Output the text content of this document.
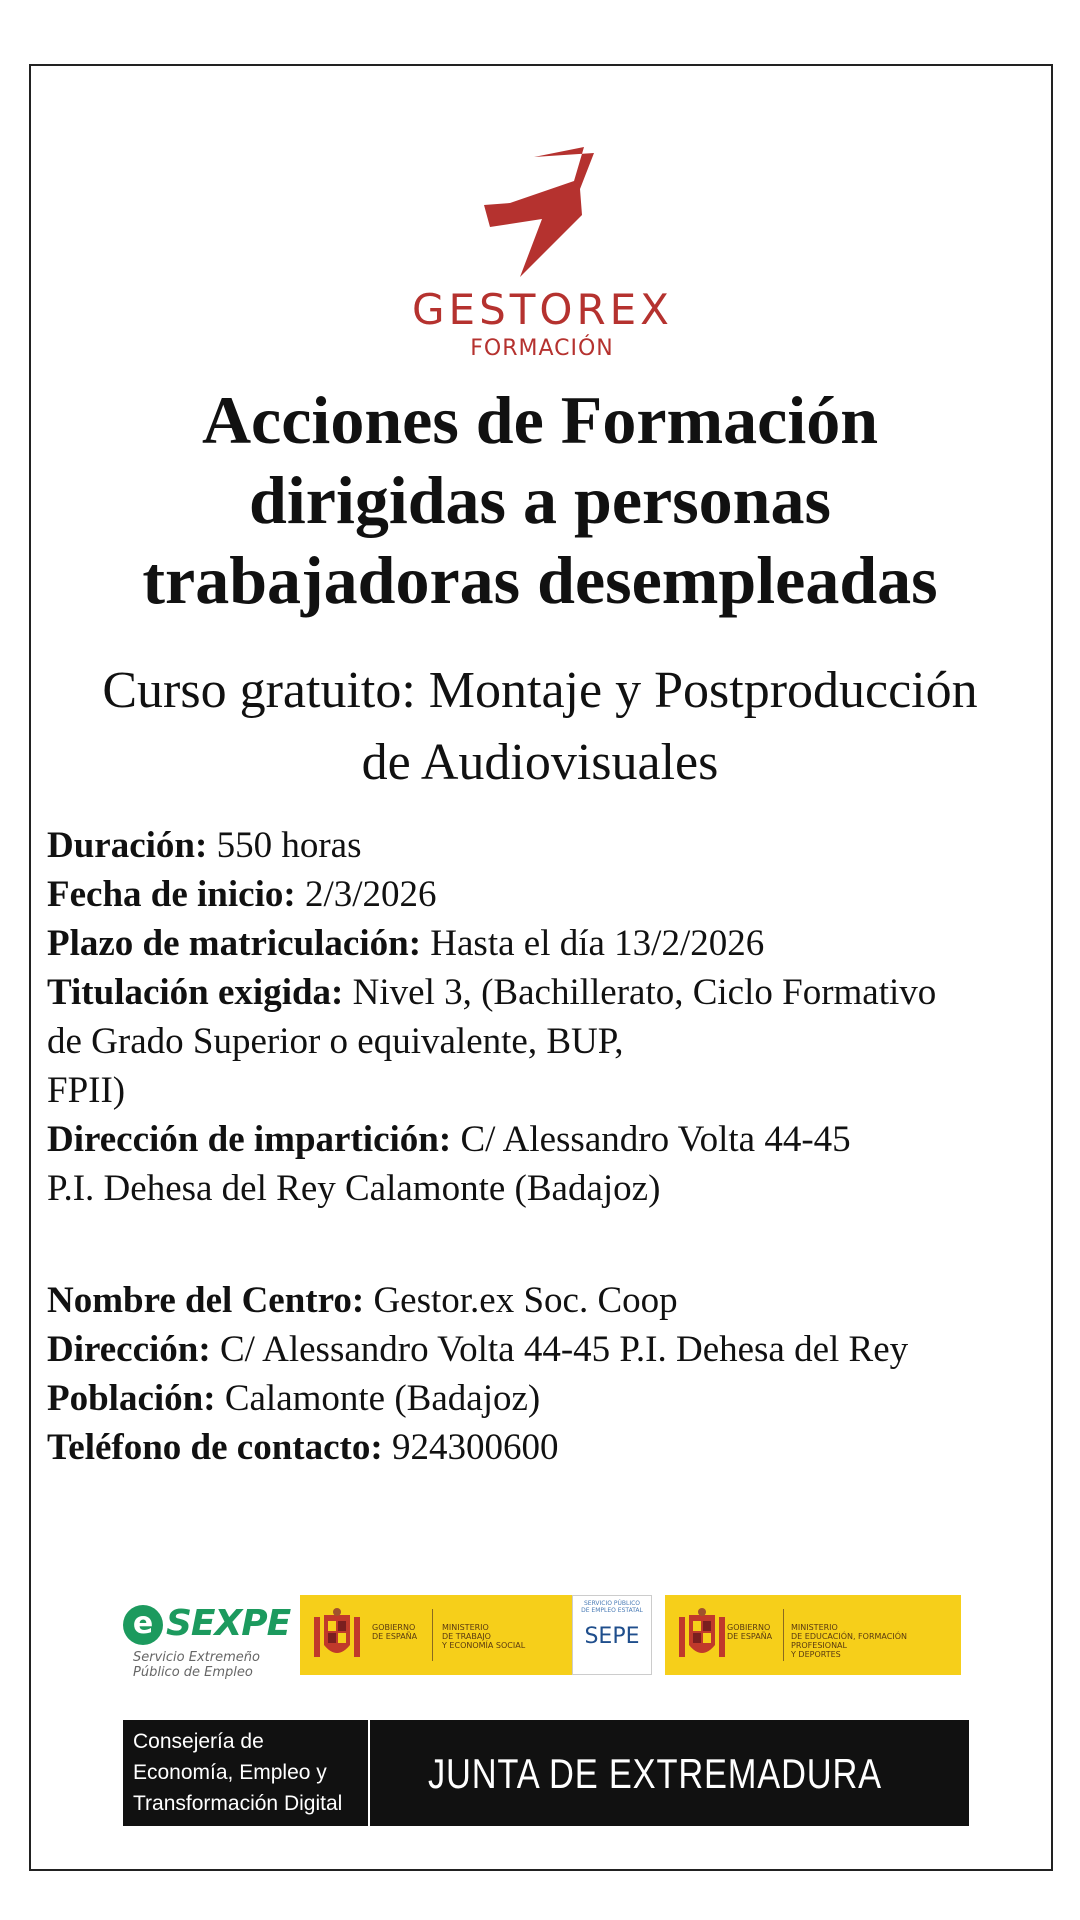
GESTOREX
FORMACIÓN
Acciones de Formación
dirigidas a personas
trabajadoras desempleadas
Curso gratuito: Montaje y Postproducción
de Audiovisuales
Duración: 550 horas
Fecha de inicio: 2/3/2026
Plazo de matriculación: Hasta el día 13/2/2026
Titulación exigida: Nivel 3, (Bachillerato, Ciclo Formativo
de Grado Superior o equivalente, BUP,
FPII)
Dirección de impartición: C/ Alessandro Volta 44-45
P.I. Dehesa del Rey Calamonte (Badajoz)
Nombre del Centro: Gestor.ex Soc. Coop
Dirección: C/ Alessandro Volta 44-45 P.I. Dehesa del Rey
Población: Calamonte (Badajoz)
Teléfono de contacto: 924300600
e SEXPE
Servicio Extremeño
Público de Empleo
GOBIERNO
DE ESPAÑA
MINISTERIO
DE TRABAJO
Y ECONOMÍA SOCIAL
SERVICIO PÚBLICO
DE EMPLEO ESTATAL
SEPE	GOBIERNO
DE ESPAÑA
MINISTERIO
DE EDUCACIÓN, FORMACIÓN PROFESIONAL
Y DEPORTES
Consejería de
Economía, Empleo y
Transformación Digital
JUNTA DE EXTREMADURA
